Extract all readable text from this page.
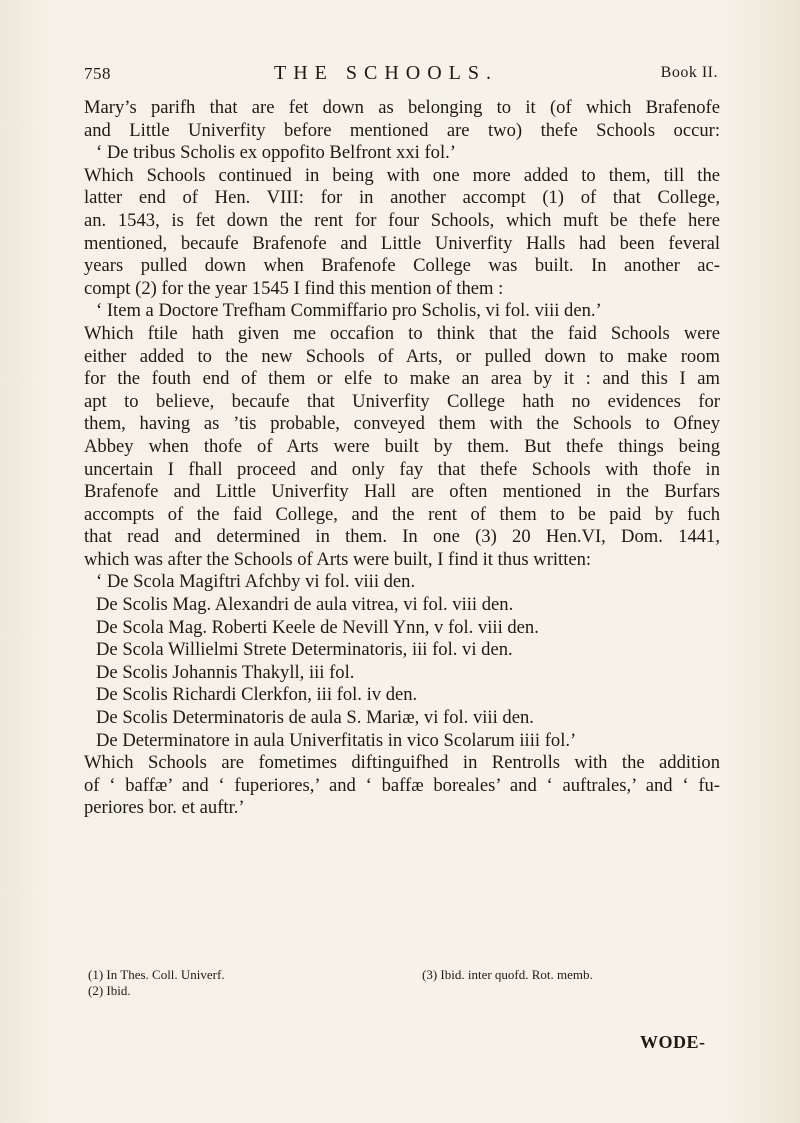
758	THE SCHOOLS.	Book II.
Mary’s parifh that are fet down as belonging to it (of which Brafenofe
and Little Univerfity before mentioned are two) thefe Schools occur:
‘ De tribus Scholis ex oppofito Belfront xxi fol.’
Which Schools continued in being with one more added to them, till the
latter end of Hen. VIII: for in another accompt (1) of that College,
an. 1543, is fet down the rent for four Schools, which muft be thefe here
mentioned, becaufe Brafenofe and Little Univerfity Halls had been feveral
years pulled down when Brafenofe College was built. In another ac-
compt (2) for the year 1545 I find this mention of them :
‘ Item a Doctore Trefham Commiffario pro Scholis, vi fol. viii den.’
Which ftile hath given me occafion to think that the faid Schools were
either added to the new Schools of Arts, or pulled down to make room
for the fouth end of them or elfe to make an area by it : and this I am
apt to believe, becaufe that Univerfity College hath no evidences for
them, having as ’tis probable, conveyed them with the Schools to Ofney
Abbey when thofe of Arts were built by them. But thefe things being
uncertain I fhall proceed and only fay that thefe Schools with thofe in
Brafenofe and Little Univerfity Hall are often mentioned in the Burfars
accompts of the faid College, and the rent of them to be paid by fuch
that read and determined in them. In one (3) 20 Hen.VI, Dom. 1441,
which was after the Schools of Arts were built, I find it thus written:
‘ De Scola Magiftri Afchby vi fol. viii den.
De Scolis Mag. Alexandri de aula vitrea, vi fol. viii den.
De Scola Mag. Roberti Keele de Nevill Ynn, v fol. viii den.
De Scola Willielmi Strete Determinatoris, iii fol. vi den.
De Scolis Johannis Thakyll, iii fol.
De Scolis Richardi Clerkfon, iii fol. iv den.
De Scolis Determinatoris de aula S. Mariæ, vi fol. viii den.
De Determinatore in aula Univerfitatis in vico Scolarum iiii fol.’
Which Schools are fometimes diftinguifhed in Rentrolls with the addition
of ‘ baffæ’ and ‘ fuperiores,’ and ‘ baffæ boreales’ and ‘ auftrales,’ and ‘ fu-
periores bor. et auftr.’
(1) In Thes. Coll. Univerf.
(2) Ibid.
(3) Ibid. inter quofd. Rot. memb.
WODE-
